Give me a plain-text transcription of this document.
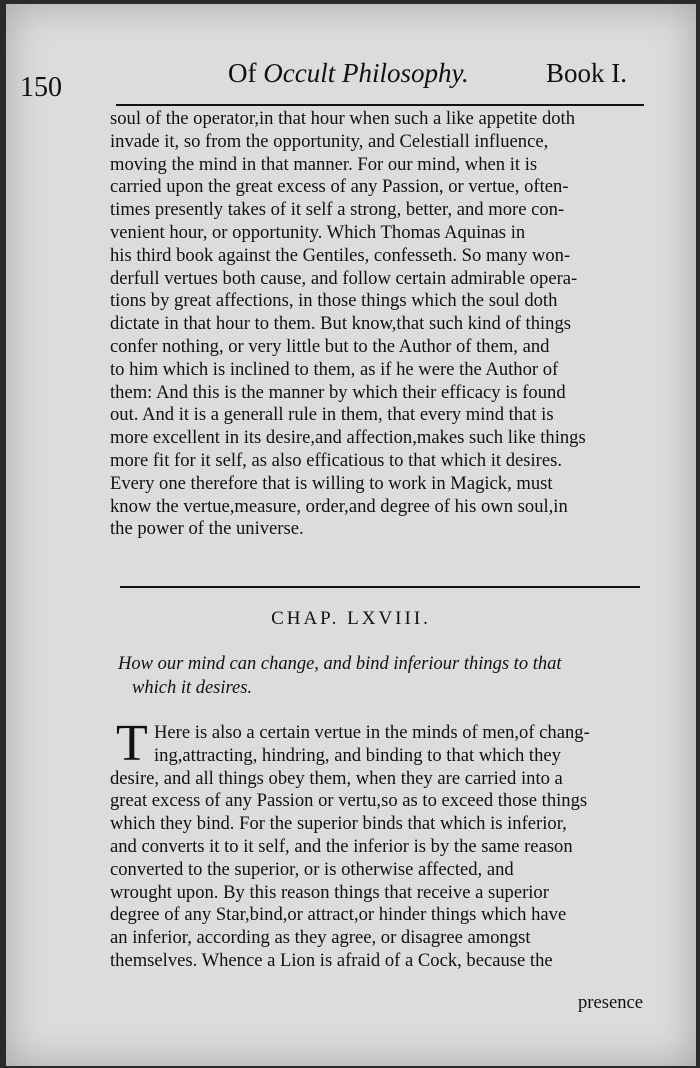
150	Of Occult Philosophy.	Book I.
soul of the operator,in that hour when such a like appetite doth
invade it, so from the opportunity, and Celestiall influence,
moving the mind in that manner. For our mind, when it is
carried upon the great excess of any Passion, or vertue, often-
times presently takes of it self a strong, better, and more con-
venient hour, or opportunity. Which Thomas Aquinas in
his third book against the Gentiles, confesseth. So many won-
derfull vertues both cause, and follow certain admirable opera-
tions by great affections, in those things which the soul doth
dictate in that hour to them. But know,that such kind of things
confer nothing, or very little but to the Author of them, and
to him which is inclined to them, as if he were the Author of
them: And this is the manner by which their efficacy is found
out. And it is a generall rule in them, that every mind that is
more excellent in its desire,and affection,makes such like things
more fit for it self, as also efficatious to that which it desires.
Every one therefore that is willing to work in Magick, must
know the vertue,measure, order,and degree of his own soul,in
the power of the universe.
CHAP. LXVIII.
How our mind can change, and bind inferiour things to that
which it desires.
T Here is also a certain vertue in the minds of men,of chang-
ing,attracting, hindring, and binding to that which they
desire, and all things obey them, when they are carried into a
great excess of any Passion or vertu,so as to exceed those things
which they bind. For the superior binds that which is inferior,
and converts it to it self, and the inferior is by the same reason
converted to the superior, or is otherwise affected, and
wrought upon. By this reason things that receive a superior
degree of any Star,bind,or attract,or hinder things which have
an inferior, according as they agree, or disagree amongst
themselves. Whence a Lion is afraid of a Cock, because the
presence
